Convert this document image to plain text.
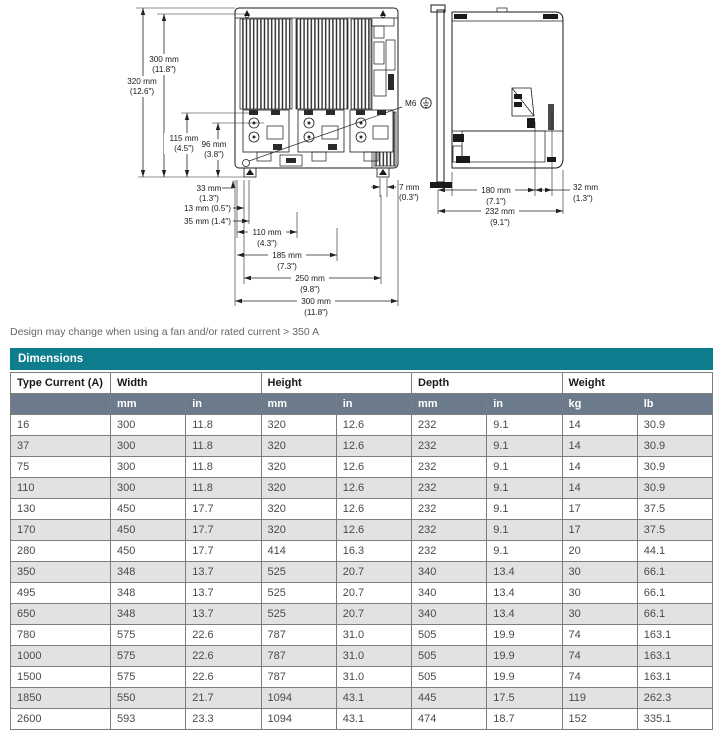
300 mm
(11.8")
320 mm
(12.6")
115 mm
(4.5") 96 mm
(3.8")
33 mm
(1.3")
13 mm (0.5")
35 mm (1.4")
110 mm
(4.3")
185 mm
(7.3")
250 mm
(9.8")
300 mm
(11.8")
7 mm
(0.3")
M6
180 mm
(7.1")
32 mm
(1.3")
232 mm
(9.1")

Design may change when using a fan and/or rated current > 350 A

Dimensions
Type Current (A)	Width		Height		Depth		Weight	
	mm	in	mm	in	mm	in	kg	lb
16	300	11.8	320	12.6	232	9.1	14	30.9
37	300	11.8	320	12.6	232	9.1	14	30.9
75	300	11.8	320	12.6	232	9.1	14	30.9
110	300	11.8	320	12.6	232	9.1	14	30.9
130	450	17.7	320	12.6	232	9.1	17	37.5
170	450	17.7	320	12.6	232	9.1	17	37.5
280	450	17.7	414	16.3	232	9.1	20	44.1
350	348	13.7	525	20.7	340	13.4	30	66.1
495	348	13.7	525	20.7	340	13.4	30	66.1
650	348	13.7	525	20.7	340	13.4	30	66.1
780	575	22.6	787	31.0	505	19.9	74	163.1
1000	575	22.6	787	31.0	505	19.9	74	163.1
1500	575	22.6	787	31.0	505	19.9	74	163.1
1850	550	21.7	1094	43.1	445	17.5	119	262.3
2600	593	23.3	1094	43.1	474	18.7	152	335.1
